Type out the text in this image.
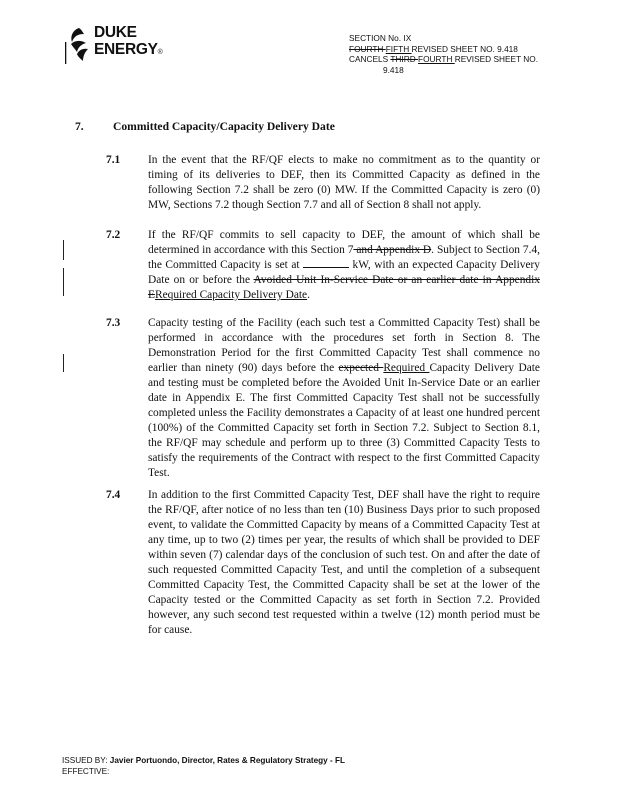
DUKE
ENERGY®
SECTION No. IX
FOURTH FIFTH REVISED SHEET NO. 9.418
CANCELS THIRD FOURTH REVISED SHEET NO.
9.418
7.	Committed Capacity/Capacity Delivery Date
7.1 In the event that the RF/QF elects to make no commitment as to the quantity or timing of its deliveries to DEF, then its Committed Capacity as defined in the following Section 7.2 shall be zero (0) MW. If the Committed Capacity is zero (0) MW, Sections 7.2 though Section 7.7 and all of Section 8 shall not apply.
7.2 If the RF/QF commits to sell capacity to DEF, the amount of which shall be determined in accordance with this Section 7 and Appendix D. Subject to Section 7.4, the Committed Capacity is set at	kW, with an expected Capacity Delivery Date on or before the Avoided Unit In-Service Date or an earlier date in Appendix ERequired Capacity Delivery Date.
7.3 Capacity testing of the Facility (each such test a Committed Capacity Test) shall be performed in accordance with the procedures set forth in Section 8. The Demonstration Period for the first Committed Capacity Test shall commence no earlier than ninety (90) days before the expected Required Capacity Delivery Date and testing must be completed before the Avoided Unit In-Service Date or an earlier date in Appendix E. The first Committed Capacity Test shall not be successfully completed unless the Facility demonstrates a Capacity of at least one hundred percent (100%) of the Committed Capacity set forth in Section 7.2. Subject to Section 8.1, the RF/QF may schedule and perform up to three (3) Committed Capacity Tests to satisfy the requirements of the Contract with respect to the first Committed Capacity Test.
7.4 In addition to the first Committed Capacity Test, DEF shall have the right to require the RF/QF, after notice of no less than ten (10) Business Days prior to such proposed event, to validate the Committed Capacity by means of a Committed Capacity Test at any time, up to two (2) times per year, the results of which shall be provided to DEF within seven (7) calendar days of the conclusion of such test. On and after the date of such requested Committed Capacity Test, and until the completion of a subsequent Committed Capacity Test, the Committed Capacity shall be set at the lower of the Capacity tested or the Committed Capacity as set forth in Section 7.2. Provided however, any such second test requested within a twelve (12) month period must be for cause.
ISSUED BY: Javier Portuondo, Director, Rates & Regulatory Strategy - FL
EFFECTIVE:
